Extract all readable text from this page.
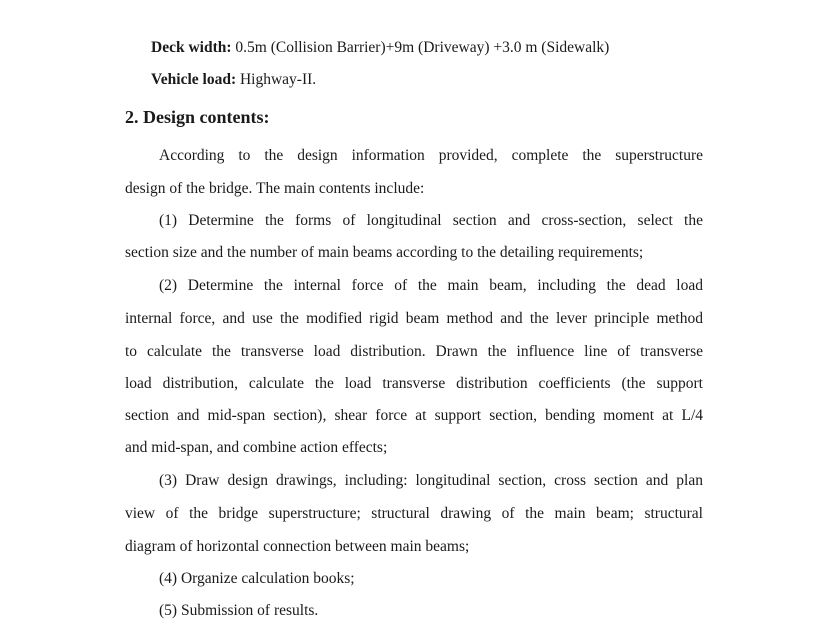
Deck width: 0.5m (Collision Barrier)+9m (Driveway) +3.0 m (Sidewalk)
Vehicle load: Highway-II.
2. Design contents:
According to the design information provided, complete the superstructure
design of the bridge. The main contents include:
(1) Determine the forms of longitudinal section and cross-section, select the
section size and the number of main beams according to the detailing requirements;
(2) Determine the internal force of the main beam, including the dead load
internal force, and use the modified rigid beam method and the lever principle method
to calculate the transverse load distribution. Drawn the influence line of transverse
load distribution, calculate the load transverse distribution coefficients (the support
section and mid-span section), shear force at support section, bending moment at L/4
and mid-span, and combine action effects;
(3) Draw design drawings, including: longitudinal section, cross section and plan
view of the bridge superstructure; structural drawing of the main beam; structural
diagram of horizontal connection between main beams;
(4) Organize calculation books;
(5) Submission of results.
